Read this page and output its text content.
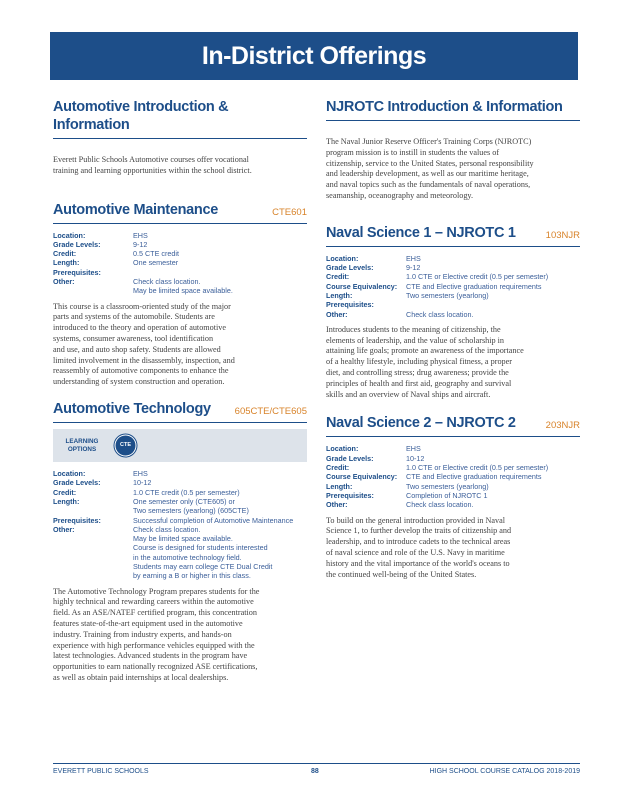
In-District Offerings
Automotive Introduction & Information
Everett Public Schools Automotive courses offer vocational
training and learning opportunities within the school district.
Automotive Maintenance	CTE601
Location:	EHS
Grade Levels:	9-12
Credit:	0.5 CTE credit
Length:	One semester
Prerequisites:
Other:	Check class location.
May be limited space available.
This course is a classroom-oriented study of the major
parts and systems of the automobile. Students are
introduced to the theory and operation of automotive
systems, consumer awareness, tool identification
and use, and auto shop safety. Students are allowed
limited involvement in the disassembly, inspection, and
reassembly of automotive components to enhance the
understanding of system construction and operation.
Automotive Technology	605CTE/CTE605
LEARNING
OPTIONS
CTE
Location:	EHS
Grade Levels:	10-12
Credit:	1.0 CTE credit (0.5 per semester)
Length:	One semester only (CTE605) or
Two semesters (yearlong) (605CTE)
Prerequisites:	Successful completion of Automotive Maintenance
Other:	Check class location.
May be limited space available.
Course is designed for students interested
in the automotive technology field.
Students may earn college CTE Dual Credit
by earning a B or higher in this class.
The Automotive Technology Program prepares students for the
highly technical and rewarding careers within the automotive
field. As an ASE/NATEF certified program, this concentration
features state-of-the-art equipment used in the automotive
industry. Training from industry experts, and hands-on
experience with high performance vehicles equipped with the
latest technologies. Advanced students in the program have
opportunities to earn nationally recognized ASE certifications,
as well as obtain paid internships at local dealerships.
NJROTC Introduction & Information
The Naval Junior Reserve Officer's Training Corps (NJROTC)
program mission is to instill in students the values of
citizenship, service to the United States, personal responsibility
and leadership development, as well as our maritime heritage,
and naval topics such as the fundamentals of naval operations,
seamanship, oceanography and meteorology.
Naval Science 1 – NJROTC 1	103NJR
Location:	EHS
Grade Levels:	9-12
Credit:	1.0 CTE or Elective credit (0.5 per semester)
Course Equivalency:	CTE and Elective graduation requirements
Length:	Two semesters (yearlong)
Prerequisites:
Other:	Check class location.
Introduces students to the meaning of citizenship, the
elements of leadership, and the value of scholarship in
attaining life goals; promote an awareness of the importance
of a healthy lifestyle, including physical fitness, a proper
diet, and controlling stress; drug awareness; provide the
principles of health and first aid, geography and survival
skills and an overview of Naval ships and aircraft.
Naval Science 2 – NJROTC 2	203NJR
Location:	EHS
Grade Levels:	10-12
Credit:	1.0 CTE or Elective credit (0.5 per semester)
Course Equivalency:	CTE and Elective graduation requirements
Length:	Two semesters (yearlong)
Prerequisites:	Completion of NJROTC 1
Other:	Check class location.
To build on the general introduction provided in Naval
Science 1, to further develop the traits of citizenship and
leadership, and to introduce cadets to the technical areas
of naval science and role of the U.S. Navy in maritime
history and the vital importance of the world's oceans to
the continued well-being of the United States.
EVERETT PUBLIC SCHOOLS	88	HIGH SCHOOL COURSE CATALOG 2018-2019
